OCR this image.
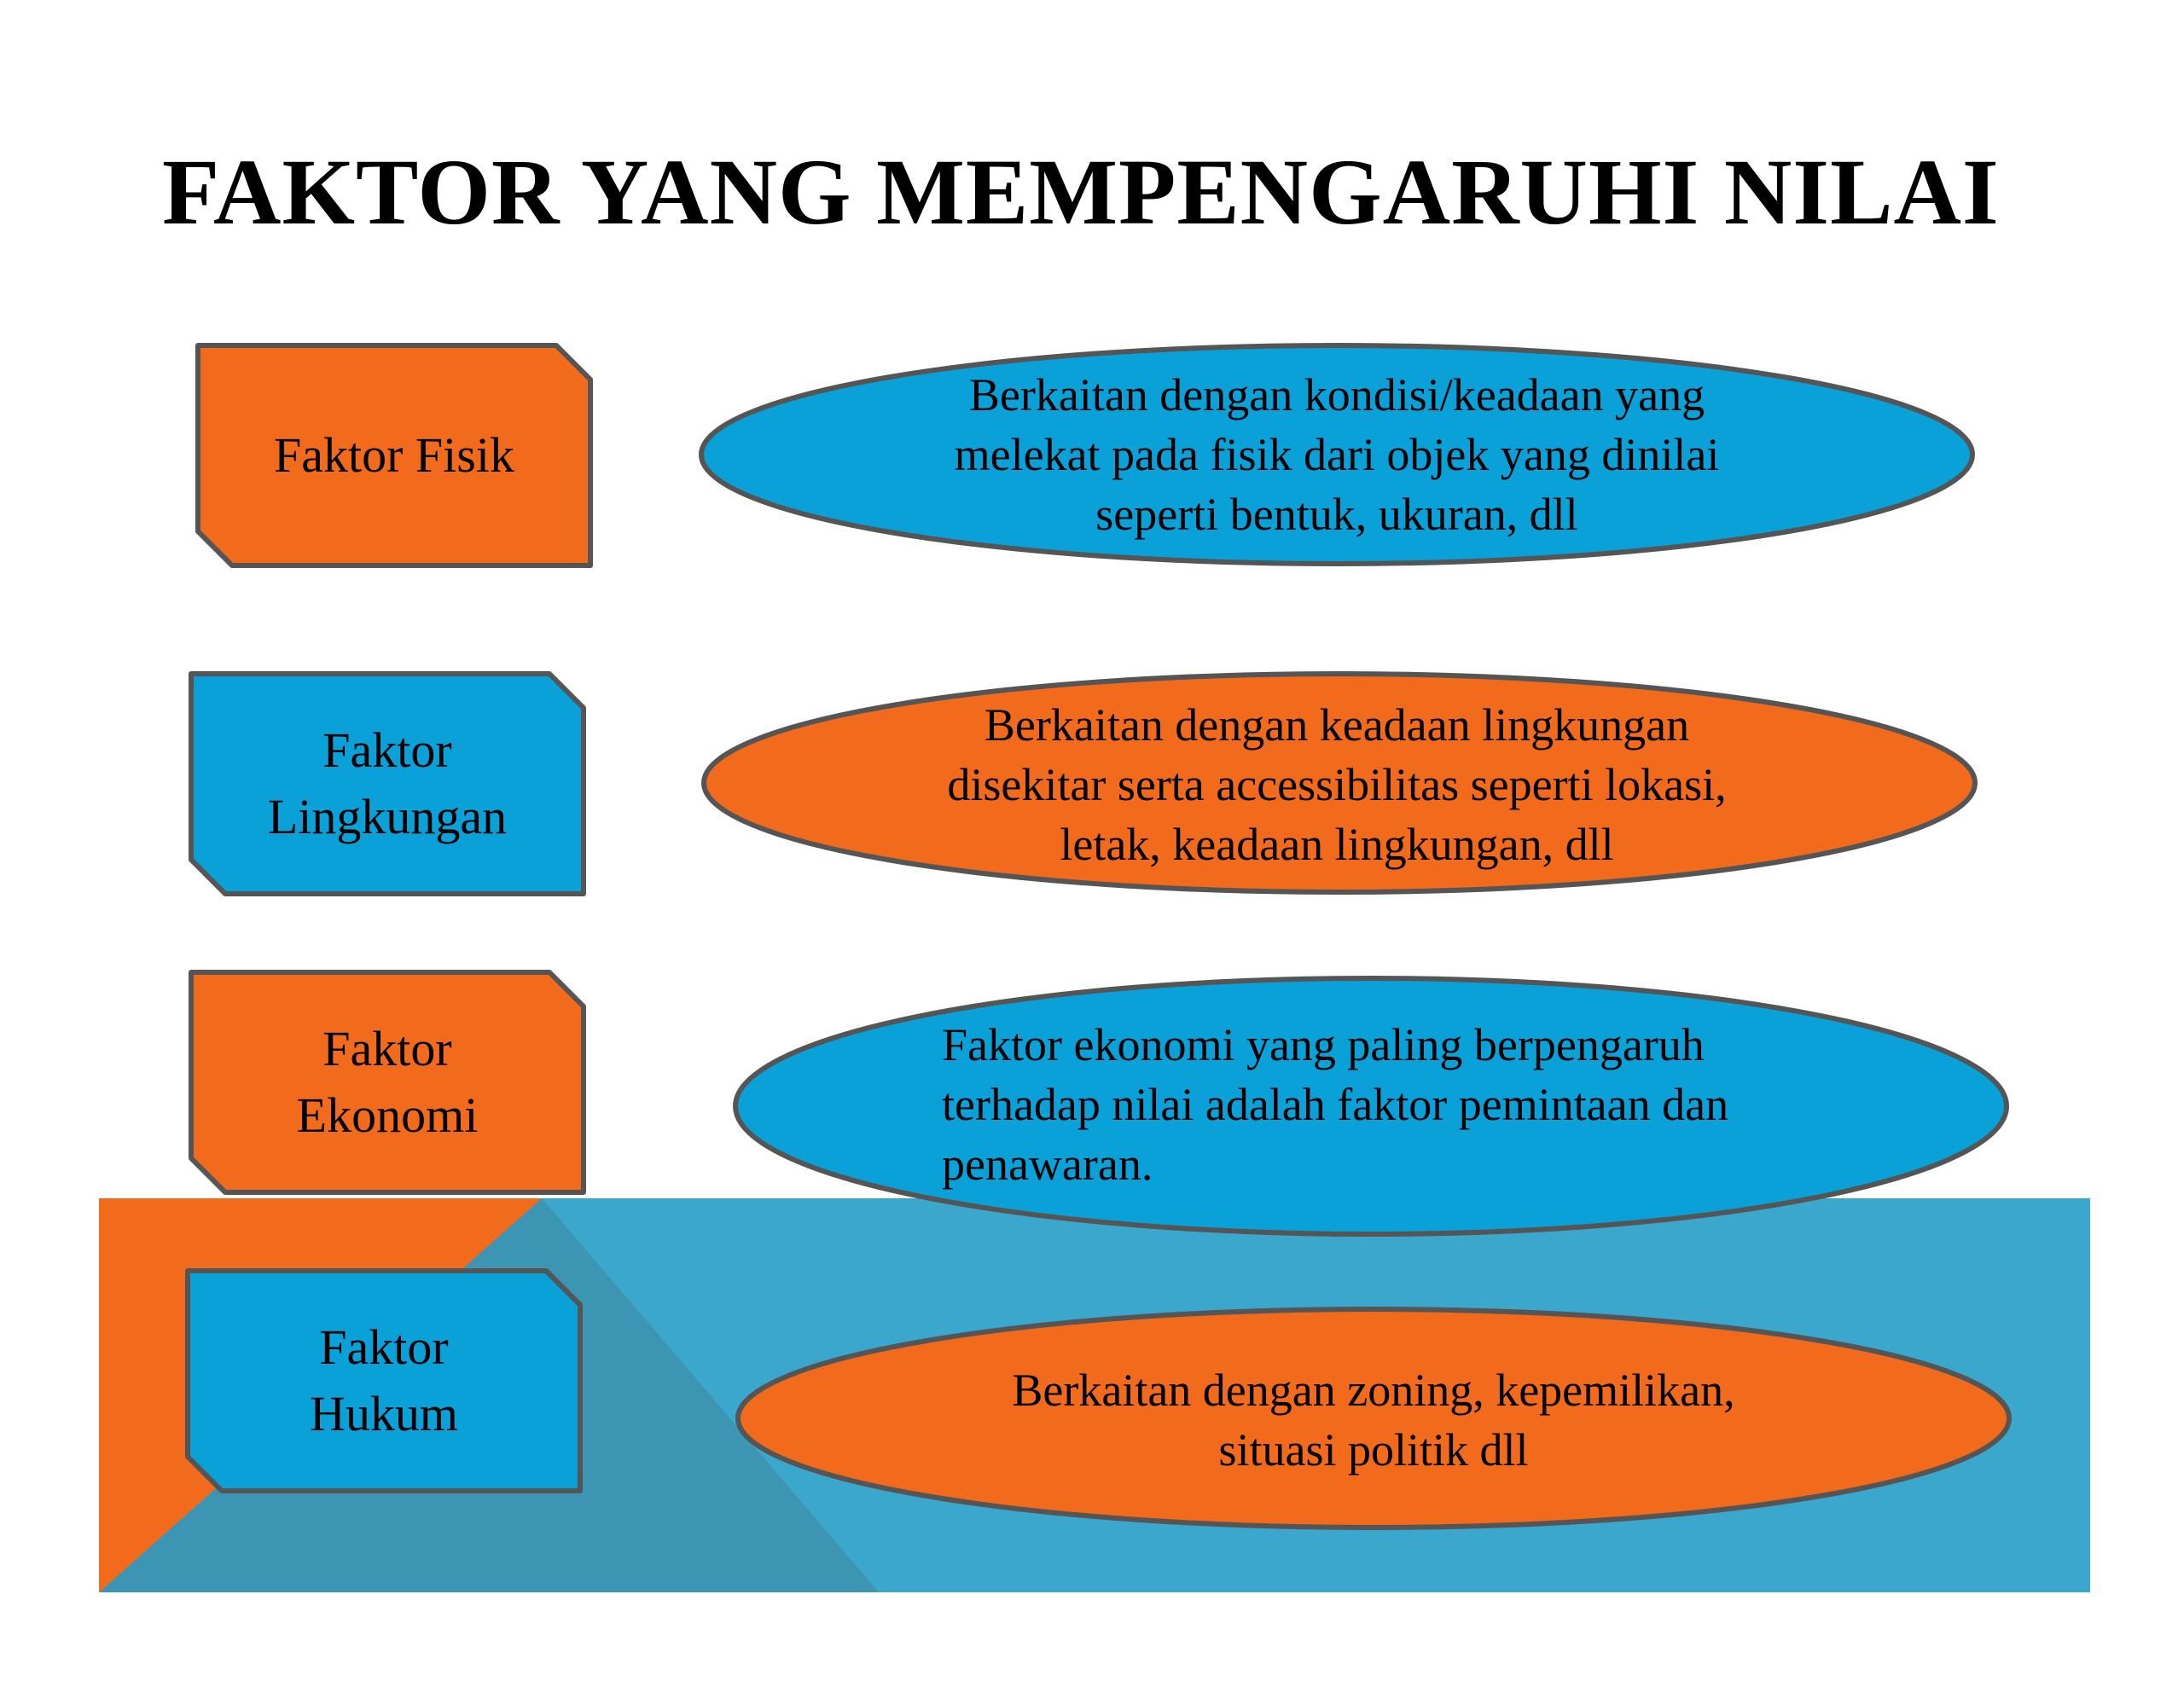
FAKTOR YANG MEMPENGARUHI NILAI
Faktor Fisik
Faktor
Lingkungan
Faktor
Ekonomi
Faktor
Hukum
Berkaitan dengan kondisi/keadaan yang
melekat pada fisik dari objek yang dinilai
seperti bentuk, ukuran, dll
Berkaitan dengan keadaan lingkungan
disekitar serta accessibilitas seperti lokasi,
letak, keadaan lingkungan, dll
Faktor ekonomi yang paling berpengaruh
terhadap nilai adalah faktor pemintaan dan
penawaran.
Berkaitan dengan zoning, kepemilikan,
situasi politik dll
